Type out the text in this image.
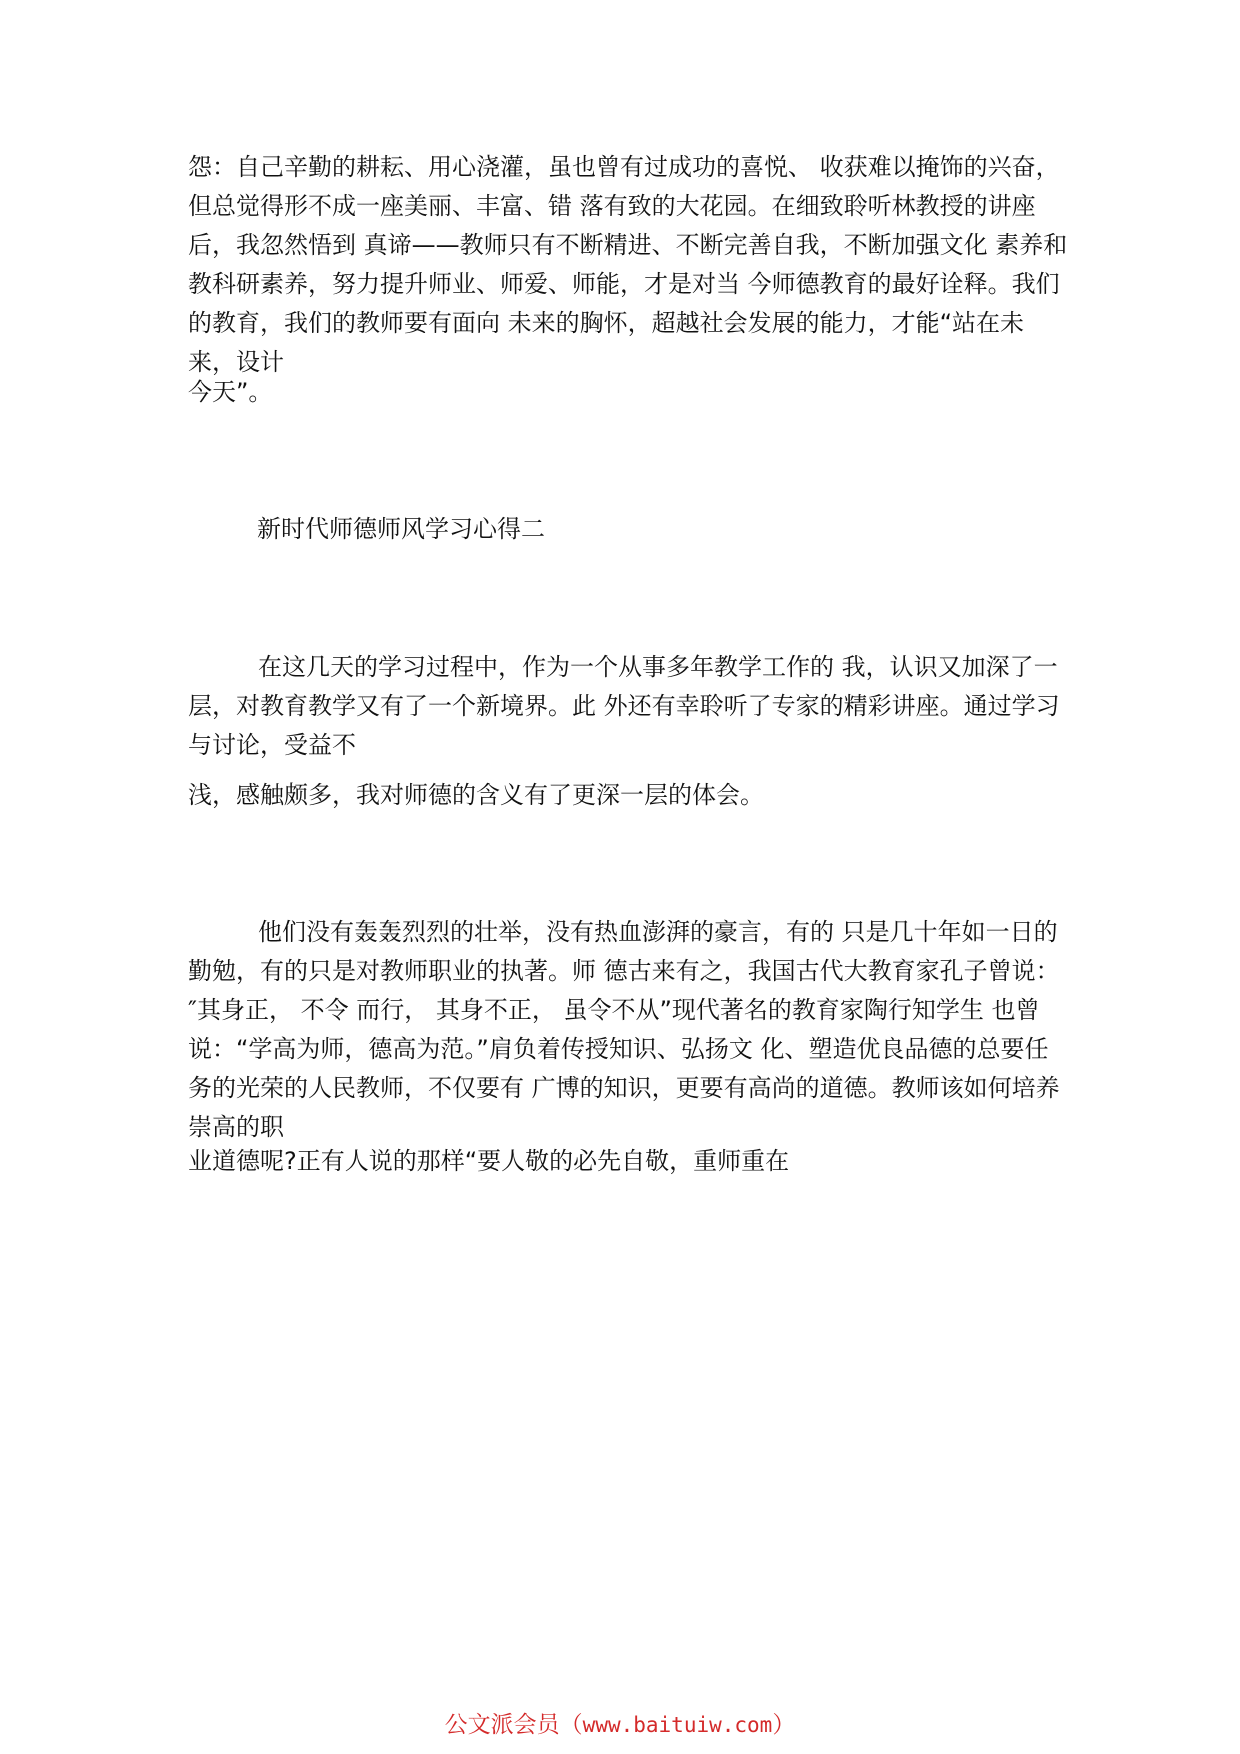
怨：自己辛勤的耕耘、用心浇灌，虽也曾有过成功的喜悦、 收获难以掩饰的兴奋，但总觉得形不成一座美丽、丰富、错 落有致的大花园。在细致聆听林教授的讲座后，我忽然悟到 真谛——教师只有不断精进、不断完善自我，不断加强文化 素养和教科研素养，努力提升师业、师爱、师能，才是对当 今师德教育的最好诠释。我们的教育，我们的教师要有面向 未来的胸怀，超越社会发展的能力，才能“站在未来，设计

今天”。

新时代师德师风学习心得二

在这几天的学习过程中，作为一个从事多年教学工作的 我，认识又加深了一层，对教育教学又有了一个新境界。此 外还有幸聆听了专家的精彩讲座。通过学习与讨论，受益不

浅，感触颇多，我对师德的含义有了更深一层的体会。

他们没有轰轰烈烈的壮举，没有热血澎湃的豪言，有的 只是几十年如一日的勤勉，有的只是对教师职业的执著。师 德古来有之，我国古代大教育家孔子曾说：″其身正， 不令 而行， 其身不正， 虽令不从”现代著名的教育家陶行知学生 也曾说：“学高为师，德高为范。”肩负着传授知识、弘扬文 化、塑造优良品德的总要任务的光荣的人民教师，不仅要有 广博的知识，更要有高尚的道德。教师该如何培养崇高的职

业道德呢?正有人说的那样“要人敬的必先自敬，重师重在

公文派会员（www.baituiw.com）
